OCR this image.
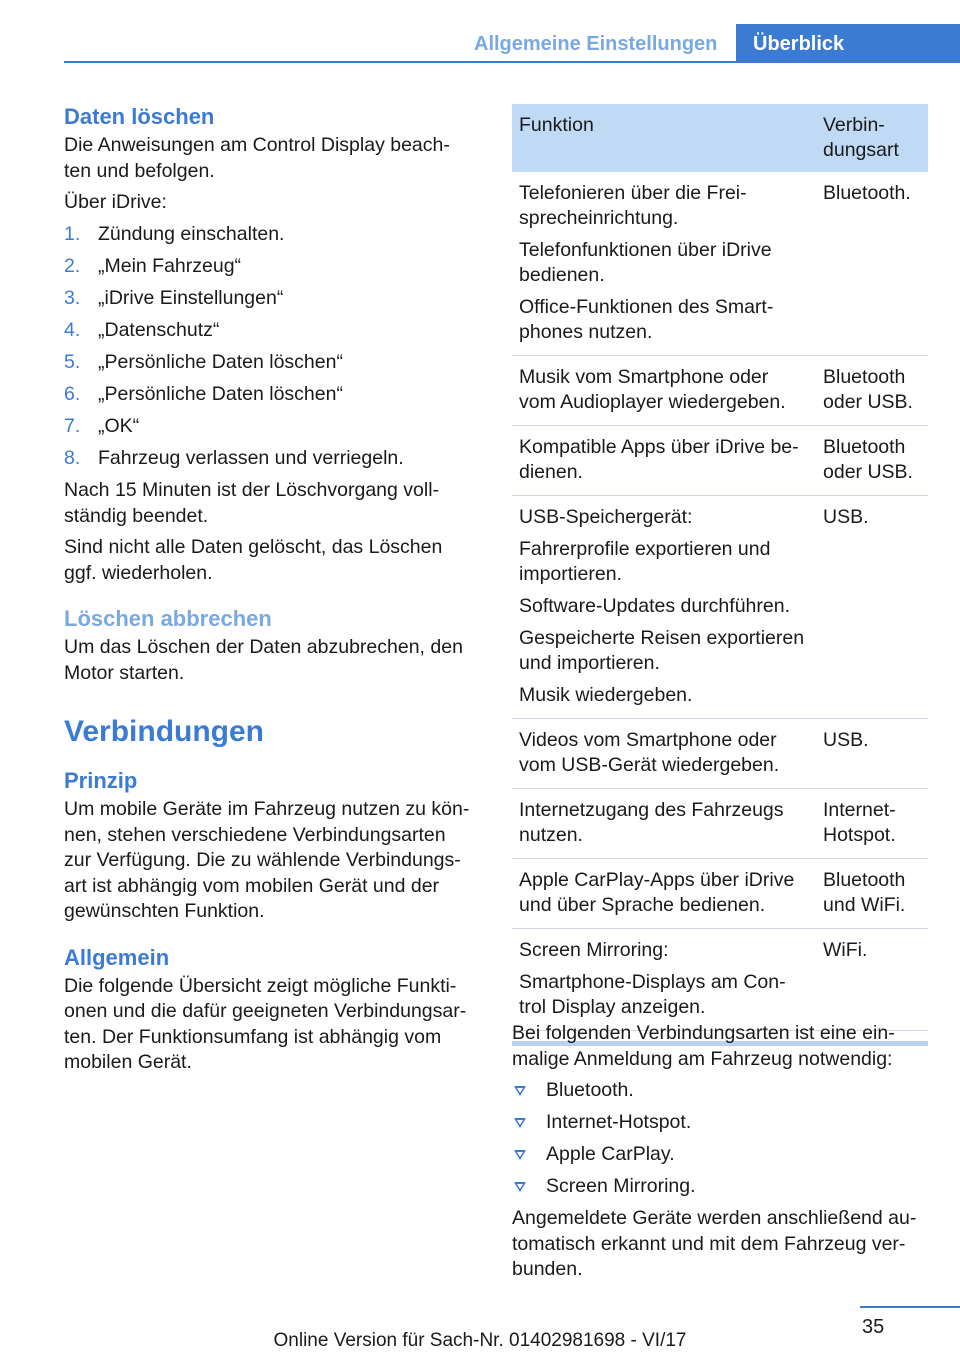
Allgemeine Einstellungen Überblick
Daten löschen
Die Anweisungen am Control Display beach-
ten und befolgen.
Über iDrive:
1. Zündung einschalten.
2. „Mein Fahrzeug“
3. „iDrive Einstellungen“
4. „Datenschutz“
5. „Persönliche Daten löschen“
6. „Persönliche Daten löschen“
7. „OK“
8. Fahrzeug verlassen und verriegeln.
Nach 15 Minuten ist der Löschvorgang voll-
ständig beendet.
Sind nicht alle Daten gelöscht, das Löschen
ggf. wiederholen.
Löschen abbrechen
Um das Löschen der Daten abzubrechen, den
Motor starten.
Verbindungen
Prinzip
Um mobile Geräte im Fahrzeug nutzen zu kön-
nen, stehen verschiedene Verbindungsarten
zur Verfügung. Die zu wählende Verbindungs-
art ist abhängig vom mobilen Gerät und der
gewünschten Funktion.
Allgemein
Die folgende Übersicht zeigt mögliche Funkti-
onen und die dafür geeigneten Verbindungsar-
ten. Der Funktionsumfang ist abhängig vom
mobilen Gerät.
Funktion	Verbin-
dungsart
Telefonieren über die Frei-
sprecheinrichtung.
Telefonfunktionen über iDrive
bedienen.
Office-Funktionen des Smart-
phones nutzen.
Bluetooth.
Musik vom Smartphone oder
vom Audioplayer wiedergeben.
Bluetooth
oder USB.
Kompatible Apps über iDrive be-
dienen.
Bluetooth
oder USB.
USB-Speichergerät:
Fahrerprofile exportieren und
importieren.
Software-Updates durchführen.
Gespeicherte Reisen exportieren
und importieren.
Musik wiedergeben.
USB.
Videos vom Smartphone oder
vom USB-Gerät wiedergeben.
USB.
Internetzugang des Fahrzeugs
nutzen.
Internet-
Hotspot.
Apple CarPlay-Apps über iDrive
und über Sprache bedienen.
Bluetooth
und WiFi.
Screen Mirroring:
Smartphone-Displays am Con-
trol Display anzeigen.
WiFi.
Bei folgenden Verbindungsarten ist eine ein-
malige Anmeldung am Fahrzeug notwendig:
Bluetooth.
Internet-Hotspot.
Apple CarPlay.
Screen Mirroring.
Angemeldete Geräte werden anschließend au-
tomatisch erkannt und mit dem Fahrzeug ver-
bunden.
35
Online Version für Sach-Nr. 01402981698 - VI/17
